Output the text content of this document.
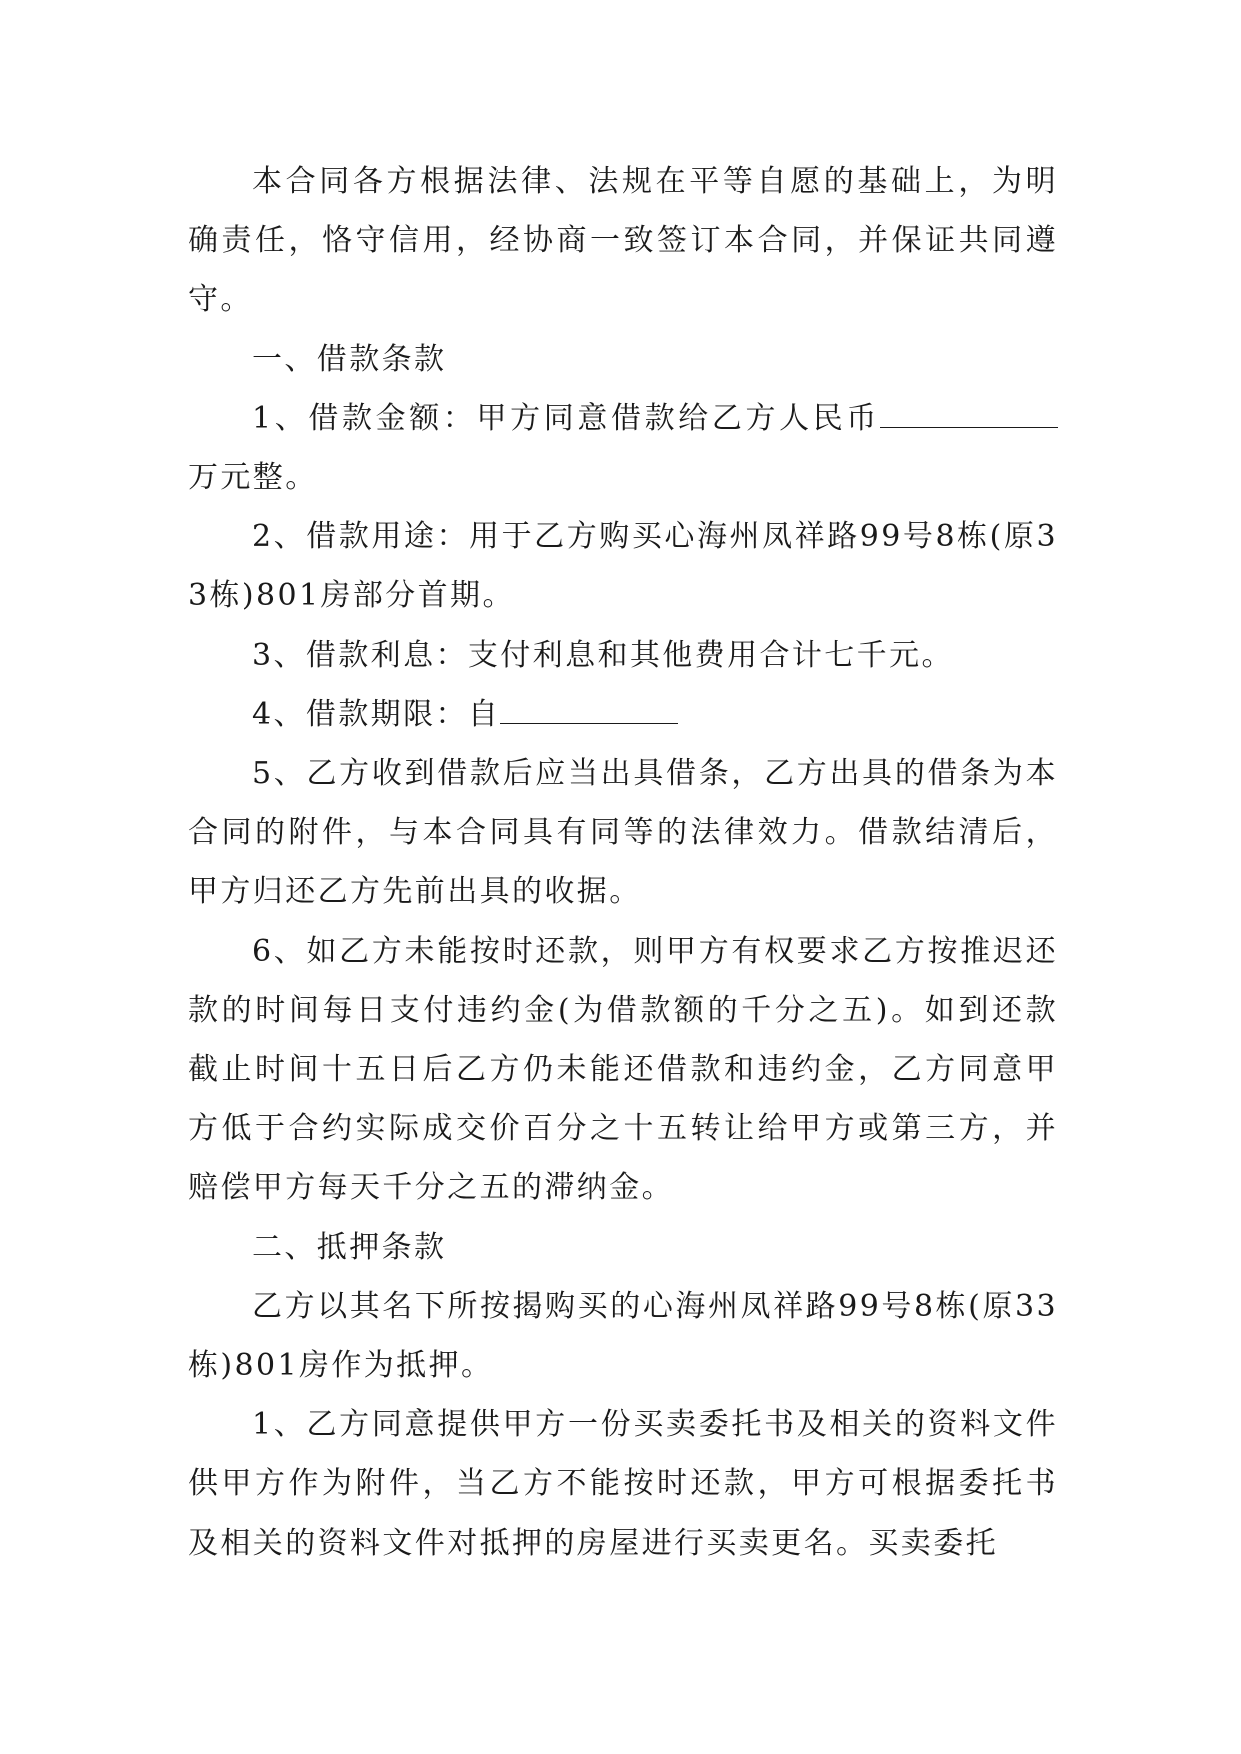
本合同各方根据法律、法规在平等自愿的基础上，为明确责任，恪守信用，经协商一致签订本合同，并保证共同遵守。

一、借款条款

1、借款金额：甲方同意借款给乙方人民币万元整。

2、借款用途：用于乙方购买心海州凤祥路99号8栋(原33栋)801房部分首期。

3、借款利息：支付利息和其他费用合计七千元。

4、借款期限：自

5、乙方收到借款后应当出具借条，乙方出具的借条为本合同的附件，与本合同具有同等的法律效力。借款结清后，甲方归还乙方先前出具的收据。

6、如乙方未能按时还款，则甲方有权要求乙方按推迟还款的时间每日支付违约金(为借款额的千分之五)。如到还款截止时间十五日后乙方仍未能还借款和违约金，乙方同意甲方低于合约实际成交价百分之十五转让给甲方或第三方，并赔偿甲方每天千分之五的滞纳金。

二、抵押条款

乙方以其名下所按揭购买的心海州凤祥路99号8栋(原33栋)801房作为抵押。

1、乙方同意提供甲方一份买卖委托书及相关的资料文件供甲方作为附件，当乙方不能按时还款，甲方可根据委托书及相关的资料文件对抵押的房屋进行买卖更名。买卖委托
